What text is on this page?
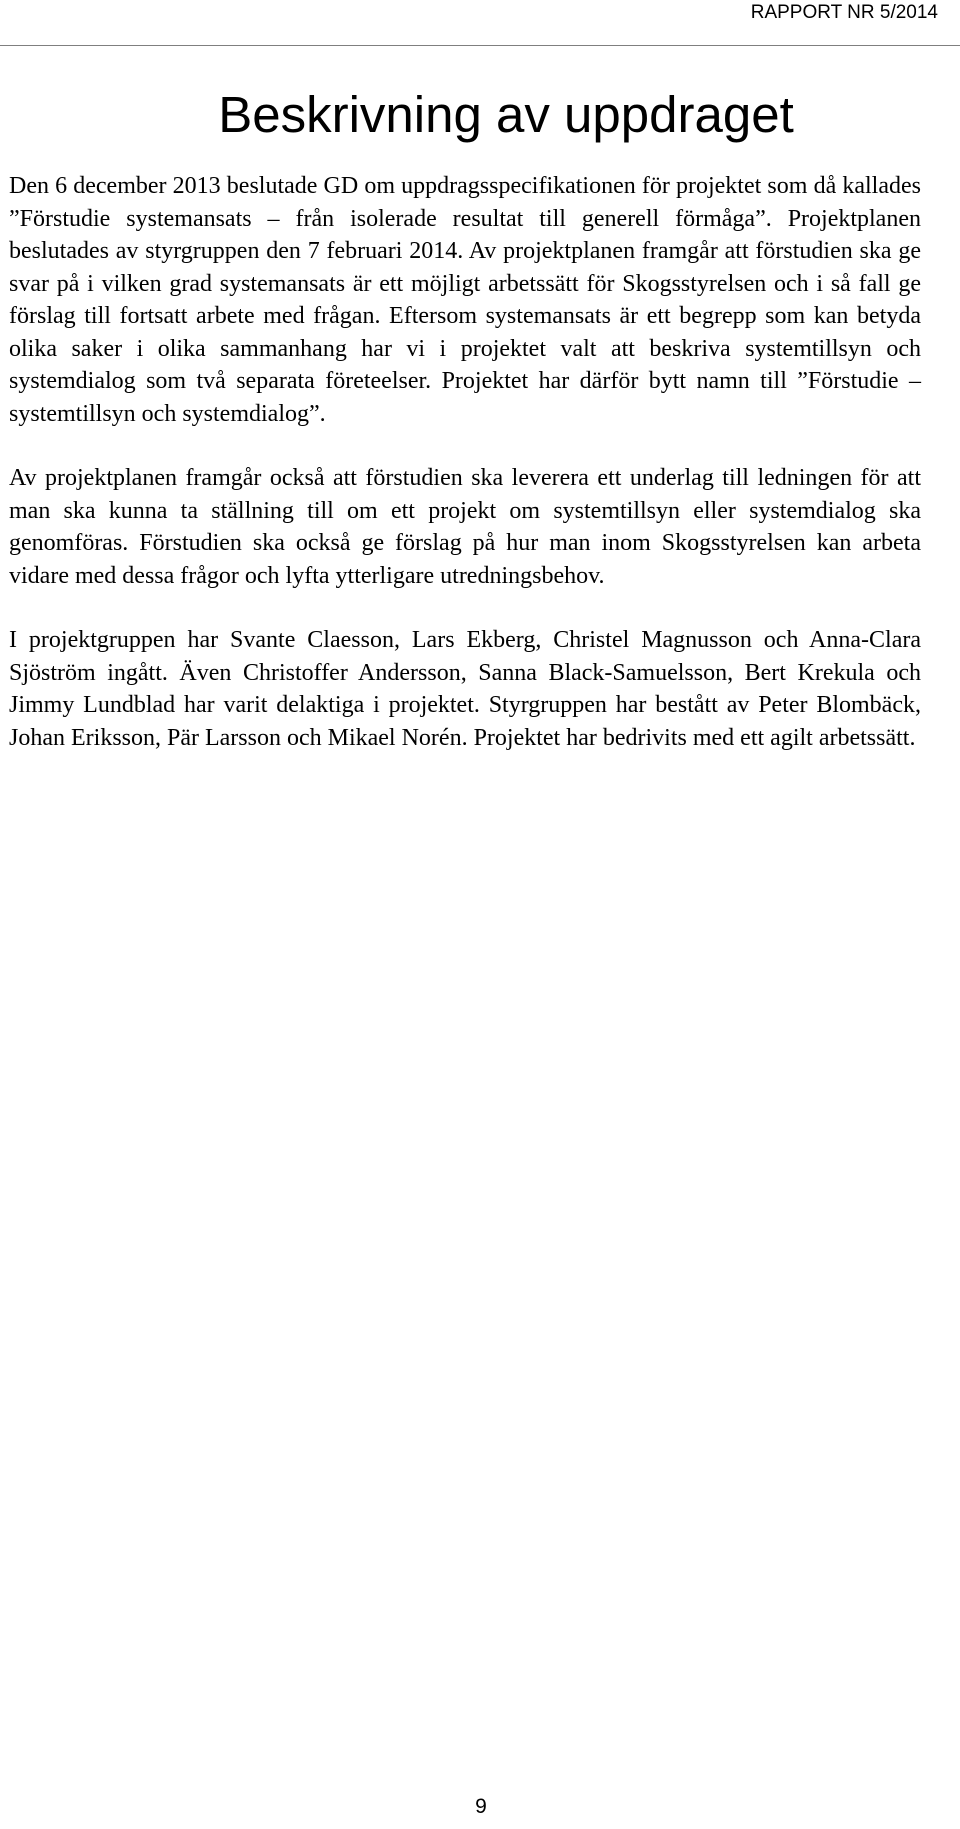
RAPPORT NR 5/2014
Beskrivning av uppdraget

Den 6 december 2013 beslutade GD om uppdragsspecifikationen för projektet som då kallades ”Förstudie systemansats – från isolerade resultat till generell förmåga”. Projektplanen beslutades av styrgruppen den 7 februari 2014. Av projektplanen framgår att förstudien ska ge svar på i vilken grad systemansats är ett möjligt arbetssätt för Skogsstyrelsen och i så fall ge förslag till fortsatt arbete med frågan. Eftersom systemansats är ett begrepp som kan betyda olika saker i olika sammanhang har vi i projektet valt att beskriva systemtillsyn och systemdialog som två separata företeelser. Projektet har därför bytt namn till ”Förstudie – systemtillsyn och systemdialog”.

Av projektplanen framgår också att förstudien ska leverera ett underlag till ledningen för att man ska kunna ta ställning till om ett projekt om systemtillsyn eller systemdialog ska genomföras. Förstudien ska också ge förslag på hur man inom Skogsstyrelsen kan arbeta vidare med dessa frågor och lyfta ytterligare utredningsbehov.

I projektgruppen har Svante Claesson, Lars Ekberg, Christel Magnusson och Anna-Clara Sjöström ingått. Även Christoffer Andersson, Sanna Black-Samuelsson, Bert Krekula och Jimmy Lundblad har varit delaktiga i projektet. Styrgruppen har bestått av Peter Blombäck, Johan Eriksson, Pär Larsson och Mikael Norén. Projektet har bedrivits med ett agilt arbetssätt.

9
